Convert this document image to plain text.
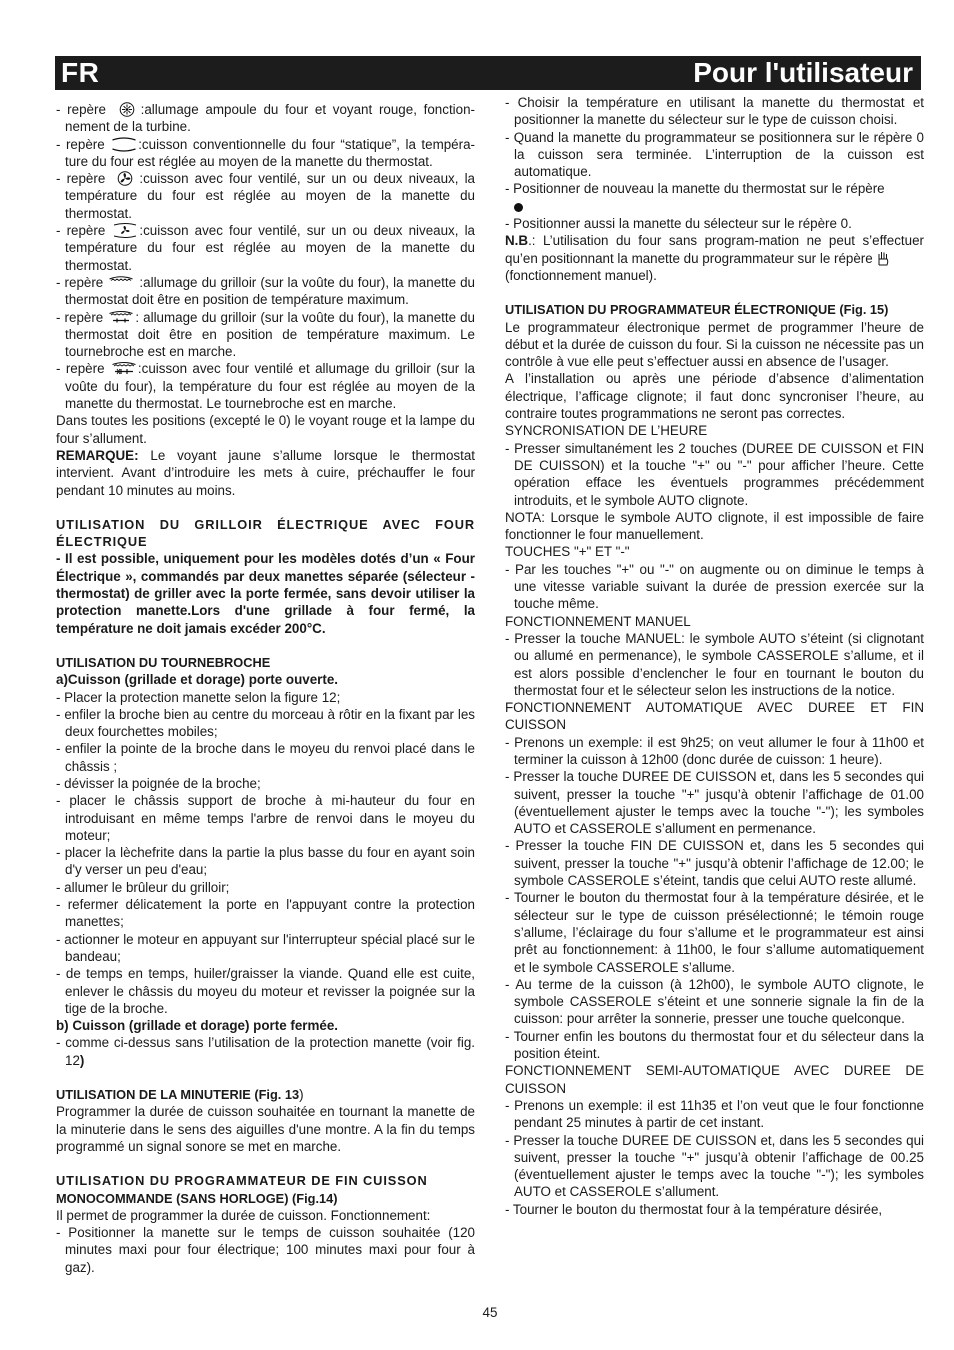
FR	Pour l'utilisateur
- repère
:allumage ampoule du four et voyant rouge, fonction-nement de la turbine.
- repère
:cuisson conventionnelle du four “statique”, la tempéra-ture du four est réglée au moyen de la manette du thermostat.
- repère
:cuisson avec four ventilé, sur un ou deux niveaux, la température du four est réglée au moyen de la manette du thermostat.
- repère
:cuisson avec four ventilé, sur un ou deux niveaux, la température du four est réglée au moyen de la manette du thermostat.
- repère
:allumage du grilloir (sur la voûte du four), la manette du thermostat doit être en position de température maximum.
- repère
: allumage du grilloir (sur la voûte du four), la manette du thermostat doit être en position de température maximum. Le tournebroche est en marche.
- repère
:cuisson avec four ventilé et allumage du grilloir (sur la voûte du four), la température du four est réglée au moyen de la manette du thermostat. Le tournebroche est en marche.
Dans toutes les positions (excepté le 0) le voyant rouge et la lampe du four s’allument.
REMARQUE: Le voyant jaune s’allume lorsque le thermostat intervient. Avant d’introduire les mets à cuire, préchauffer le four pendant 10 minutes au moins.
UTILISATION DU GRILLOIR ÉLECTRIQUE AVEC FOUR ÉLECTRIQUE
- Il est possible, uniquement pour les modèles dotés d’un « Four Électrique », commandés par deux manettes séparée (sélecteur - thermostat) de griller avec la porte fermée, sans devoir utiliser la protection manette.Lors d'une grillade à four fermé, la température ne doit jamais excéder 200°C.
UTILISATION DU TOURNEBROCHE
a)Cuisson (grillade et dorage) porte ouverte.
- Placer la protection manette selon la figure 12;
- enfiler la broche bien au centre du morceau à rôtir en la fixant par les deux fourchettes mobiles;
- enfiler la pointe de la broche dans le moyeu du renvoi placé dans le châssis ;
- dévisser la poignée de la broche;
- placer le châssis support de broche à mi-hauteur du four en introduisant en même temps l'arbre de renvoi dans le moyeu du moteur;
- placer la lèchefrite dans la partie la plus basse du four en ayant soin d'y verser un peu d'eau;
- allumer le brûleur du grilloir;
- refermer délicatement la porte en l'appuyant contre la protection manettes;
- actionner le moteur en appuyant sur l'interrupteur spécial placé sur le bandeau;
- de temps en temps, huiler/graisser la viande. Quand elle est cuite, enlever le châssis du moyeu du moteur et revisser la poignée sur la tige de la broche.
b) Cuisson (grillade et dorage) porte fermée.
- comme ci-dessus sans l’utilisation de la protection manette (voir fig. 12)
UTILISATION DE LA MINUTERIE (Fig. 13)
Programmer la durée de cuisson souhaitée en tournant la manette de la minuterie dans le sens des aiguilles d'une montre. A la fin du temps programmé un signal sonore se met en marche.
UTILISATION DU PROGRAMMATEUR DE FIN CUISSON
MONOCOMMANDE (SANS HORLOGE) (Fig.14)
Il permet de programmer la durée de cuisson. Fonctionnement:
- Positionner la manette sur le temps de cuisson souhaitée (120 minutes maxi pour four électrique; 100 minutes maxi pour four à gaz).
- Choisir la température en utilisant la manette du thermostat et positionner la manette du sélecteur sur le type de cuisson choisi.
- Quand la manette du programmateur se positionnera sur le répère 0 la cuisson sera terminée. L’interruption de la cuisson est automatique.
- Positionner de nouveau la manette du thermostat sur le répère

- Positionner aussi la manette du sélecteur sur le répère 0.
N.B.: L’utilisation du four sans program-mation ne peut s’effectuer qu’en positionnant la manette du programmateur sur le répère

(fonctionnement manuel).
UTILISATION DU PROGRAMMATEUR ÉLECTRONIQUE (Fig. 15)
Le programmateur électronique permet de programmer l’heure de début et la durée de cuisson du four. Si la cuisson ne nécessite pas un contrôle à vue elle peut s’effectuer aussi en absence de l’usager.
A l’installation ou après une période d’absence d’alimentation électrique, l’afficage clignote; il faut donc syncroniser l’heure, au contraire toutes programmations ne seront pas correctes.
SYNCRONISATION DE L’HEURE
- Presser simultanément les 2 touches (DUREE DE CUISSON et FIN DE CUISSON) et la touche "+" ou "-" pour afficher l’heure. Cette opération efface les éventuels programmes précédemment introduits, et le symbole AUTO clignote.
NOTA: Lorsque le symbole AUTO clignote, il est impossible de faire fonctionner le four manuellement.
TOUCHES "+" ET "-"
- Par les touches "+" ou "-" on augmente ou on diminue le temps à une vitesse variable suivant la durée de pression exercée sur la touche même.
FONCTIONNEMENT MANUEL
- Presser la touche MANUEL: le symbole AUTO s’éteint (si clignotant ou allumé en permenance), le symbole CASSEROLE s’allume, et il est alors possible d’enclencher le four en tournant le bouton du thermostat four et le sélecteur selon les instructions de la notice.
FONCTIONNEMENT AUTOMATIQUE AVEC DUREE ET FIN CUISSON
- Prenons un exemple: il est 9h25; on veut allumer le four à 11h00 et terminer la cuisson à 12h00 (donc durée de cuisson: 1 heure).
- Presser la touche DUREE DE CUISSON et, dans les 5 secondes qui suivent, presser la touche "+" jusqu’à obtenir l’affichage de 01.00 (éventuellement ajuster le temps avec la touche "-"); les symboles AUTO et CASSEROLE s’allument en permenance.
- Presser la touche FIN DE CUISSON et, dans les 5 secondes qui suivent, presser la touche "+" jusqu’à obtenir l’affichage de 12.00; le symbole CASSEROLE s’éteint, tandis que celui AUTO reste allumé.
- Tourner le bouton du thermostat four à la température désirée, et le sélecteur sur le type de cuisson présélectionné; le témoin rouge s’allume, l’éclairage du four s’allume et le programmateur est ainsi prêt au fonctionnement: à 11h00, le four s’allume automatiquement et le symbole CASSEROLE s’allume.
- Au terme de la cuisson (à 12h00), le symbole AUTO clignote, le symbole CASSEROLE s’éteint et une sonnerie signale la fin de la cuisson: pour arrêter la sonnerie, presser une touche quelconque.
- Tourner enfin les boutons du thermostat four et du sélecteur dans la position éteint.
FONCTIONNEMENT SEMI-AUTOMATIQUE AVEC DUREE DE CUISSON
- Prenons un exemple: il est 11h35 et l’on veut que le four fonctionne pendant 25 minutes à partir de cet instant.
- Presser la touche DUREE DE CUISSON et, dans les 5 secondes qui suivent, presser la touche "+" jusqu’à obtenir l’affichage de 00.25 (éventuellement ajuster le temps avec la touche "-"); les symboles AUTO et CASSEROLE s’allument.
- Tourner le bouton du thermostat four à la température désirée,
45
